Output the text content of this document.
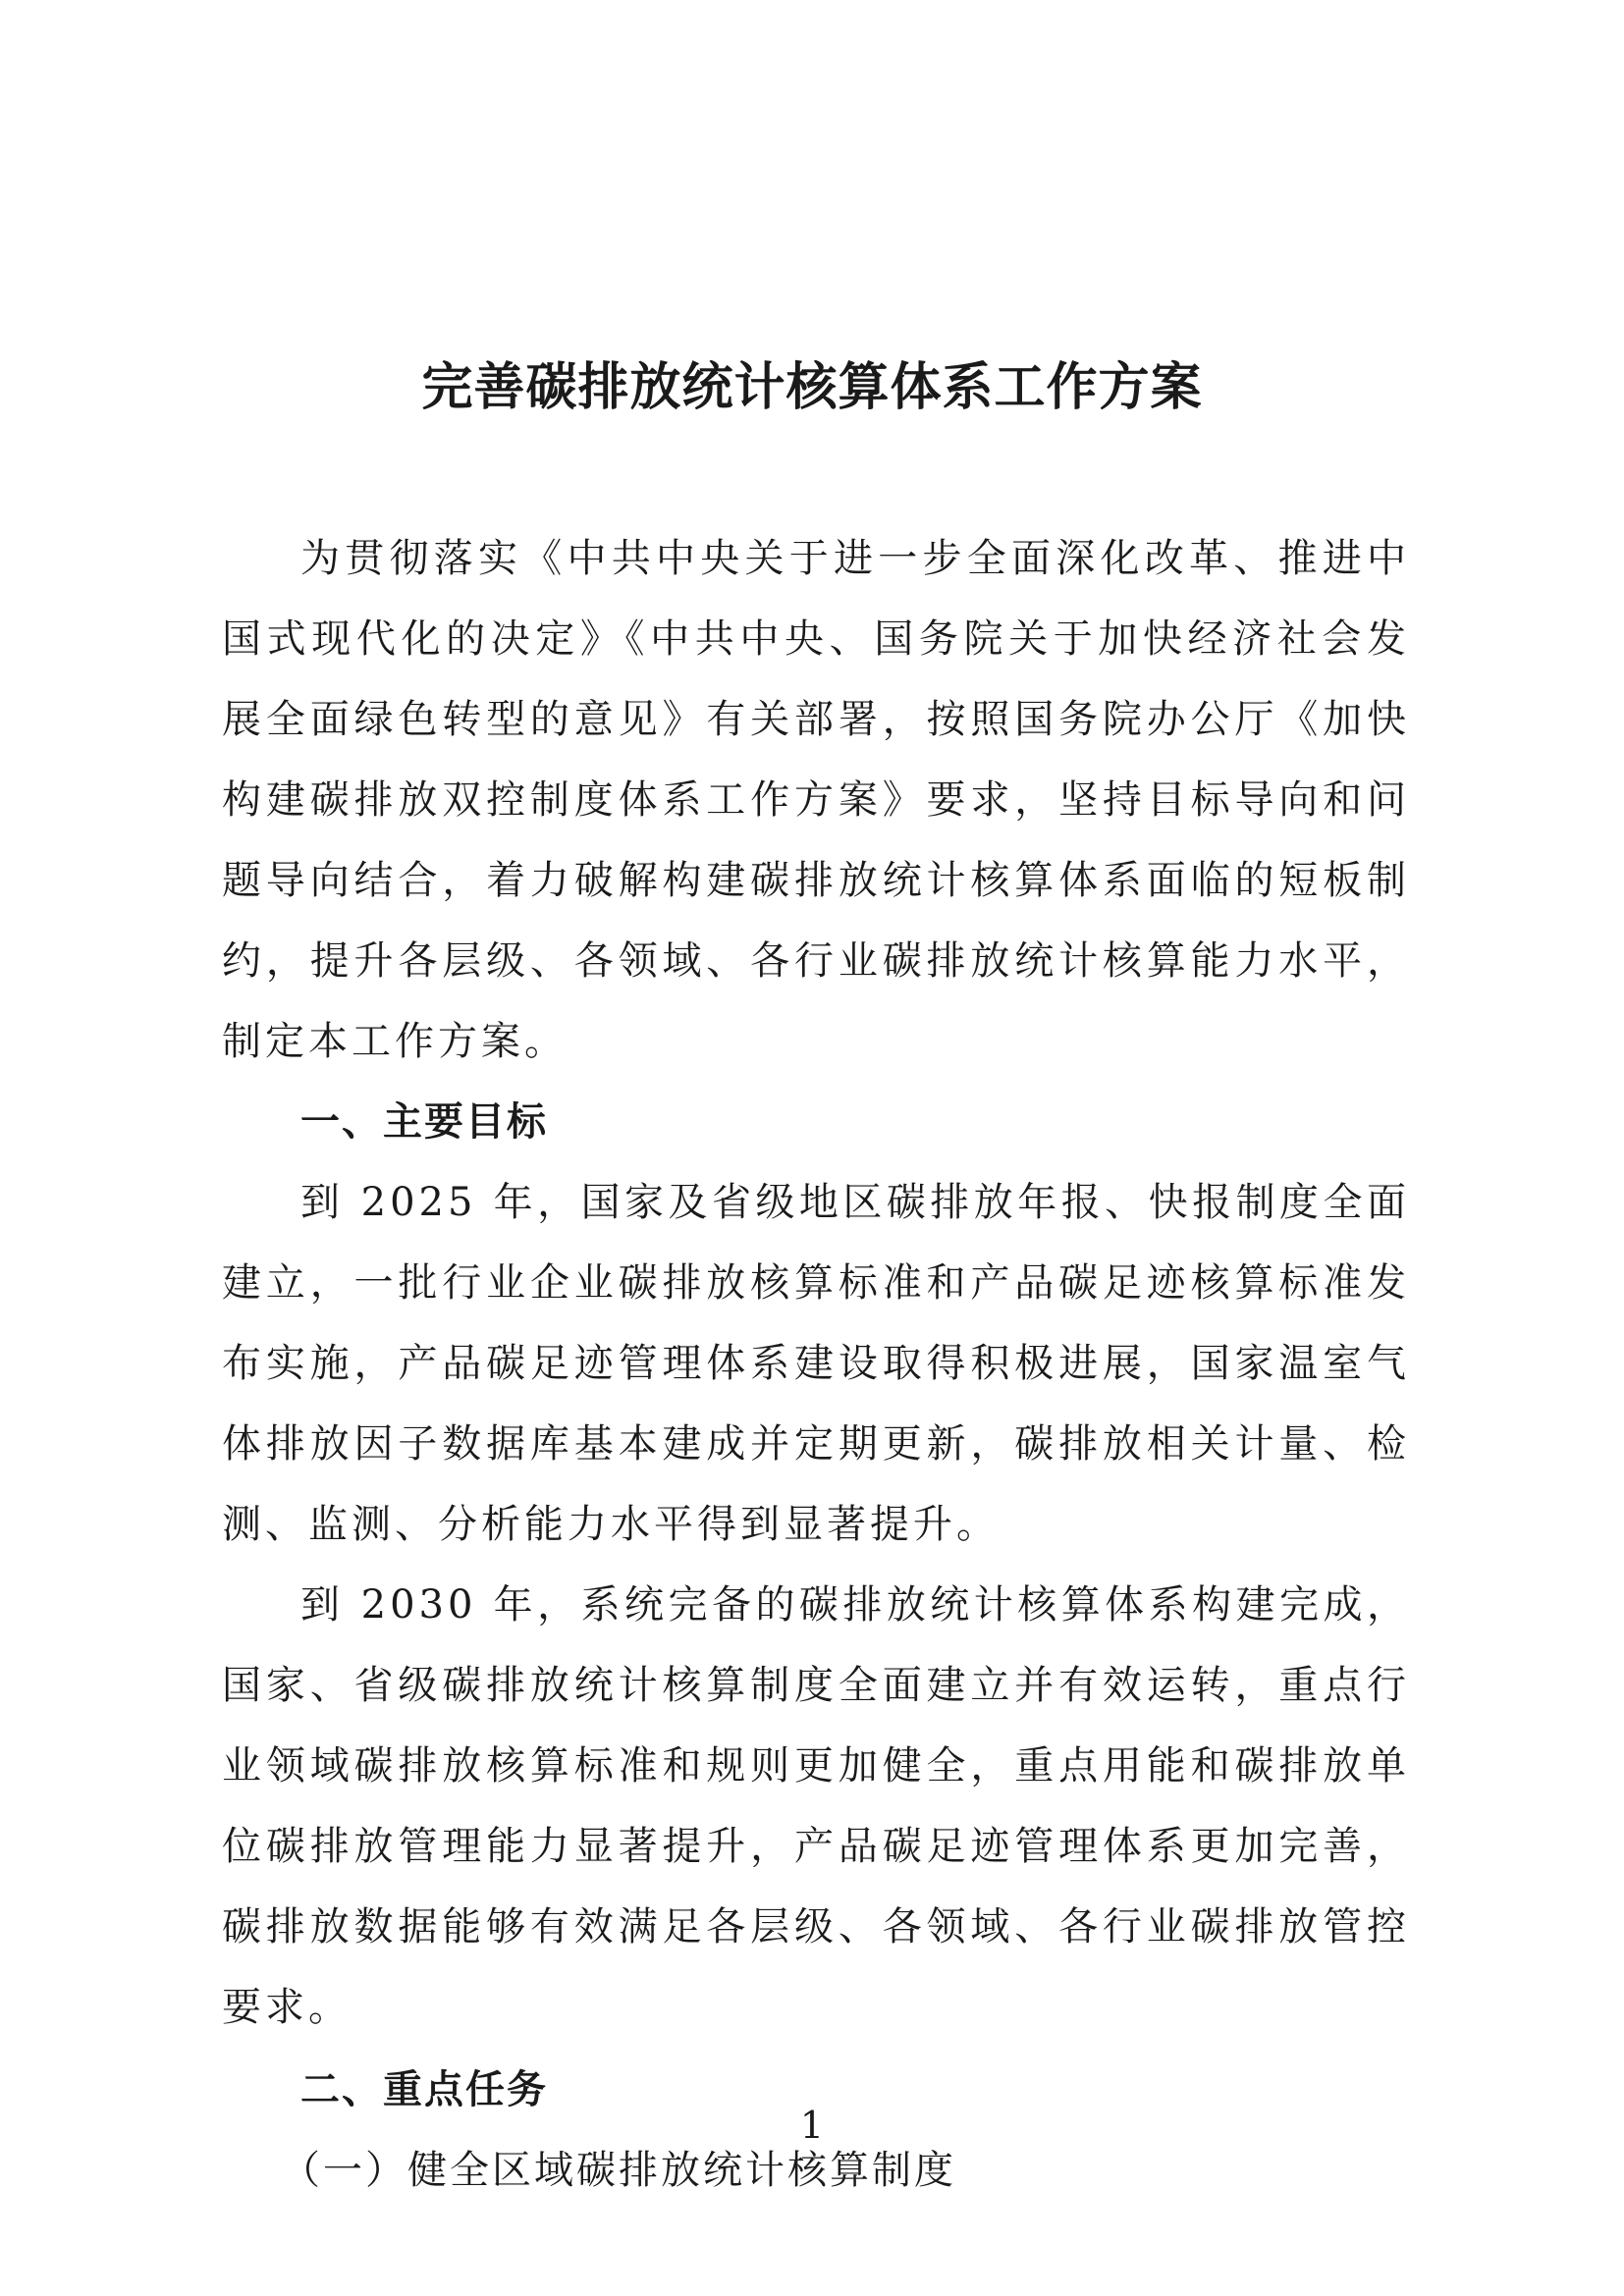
完善碳排放统计核算体系工作方案

为贯彻落实《中共中央关于进一步全面深化改革、推进中国式现代化的决定》《中共中央、国务院关于加快经济社会发展全面绿色转型的意见》有关部署，按照国务院办公厅《加快构建碳排放双控制度体系工作方案》要求，坚持目标导向和问题导向结合，着力破解构建碳排放统计核算体系面临的短板制约，提升各层级、各领域、各行业碳排放统计核算能力水平，制定本工作方案。

一、主要目标

到 2025 年，国家及省级地区碳排放年报、快报制度全面建立，一批行业企业碳排放核算标准和产品碳足迹核算标准发布实施，产品碳足迹管理体系建设取得积极进展，国家温室气体排放因子数据库基本建成并定期更新，碳排放相关计量、检测、监测、分析能力水平得到显著提升。

到 2030 年，系统完备的碳排放统计核算体系构建完成，国家、省级碳排放统计核算制度全面建立并有效运转，重点行业领域碳排放核算标准和规则更加健全，重点用能和碳排放单位碳排放管理能力显著提升，产品碳足迹管理体系更加完善，碳排放数据能够有效满足各层级、各领域、各行业碳排放管控要求。

二、重点任务

（一）健全区域碳排放统计核算制度

1
